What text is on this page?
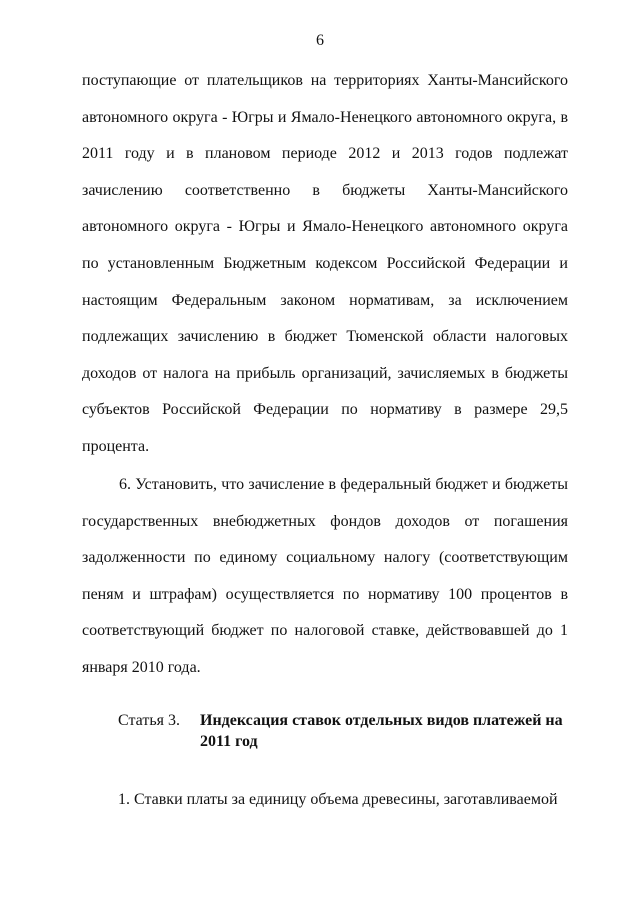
6

поступающие от плательщиков на территориях Ханты-Мансийского автономного округа - Югры и Ямало-Ненецкого автономного округа, в 2011 году и в плановом периоде 2012 и 2013 годов подлежат зачислению соответственно в бюджеты Ханты-Мансийского автономного округа - Югры и Ямало-Ненецкого автономного округа по установленным Бюджетным кодексом Российской Федерации и настоящим Федеральным законом нормативам, за исключением подлежащих зачислению в бюджет Тюменской области налоговых доходов от налога на прибыль организаций, зачисляемых в бюджеты субъектов Российской Федерации по нормативу в размере 29,5 процента.

6. Установить, что зачисление в федеральный бюджет и бюджеты государственных внебюджетных фондов доходов от погашения задолженности по единому социальному налогу (соответствующим пеням и штрафам) осуществляется по нормативу 100 процентов в соответствующий бюджет по налоговой ставке, действовавшей до 1 января 2010 года.

Статья 3. Индексация ставок отдельных видов платежей на 2011 год

1. Ставки платы за единицу объема древесины, заготавливаемой
